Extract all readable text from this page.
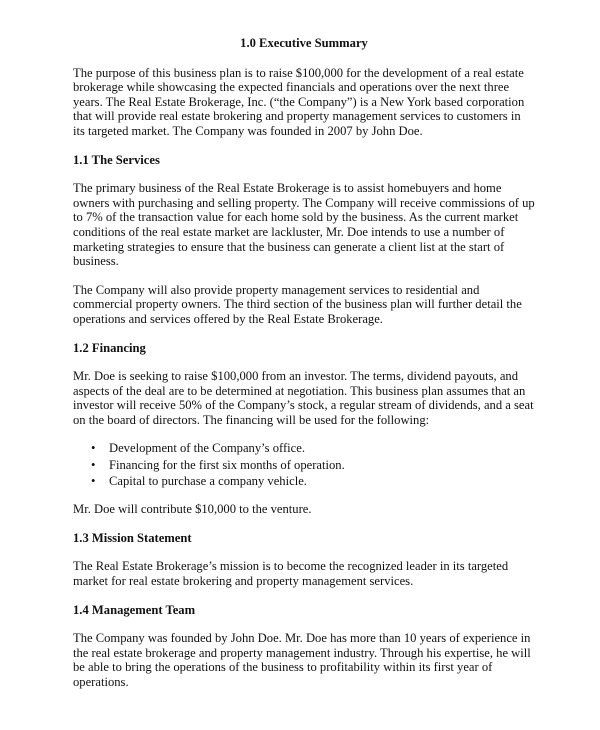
1.0 Executive Summary

The purpose of this business plan is to raise $100,000 for the development of a real estate brokerage while showcasing the expected financials and operations over the next three years. The Real Estate Brokerage, Inc. (“the Company”) is a New York based corporation that will provide real estate brokering and property management services to customers in its targeted market. The Company was founded in 2007 by John Doe.

1.1 The Services

The primary business of the Real Estate Brokerage is to assist homebuyers and home owners with purchasing and selling property. The Company will receive commissions of up to 7% of the transaction value for each home sold by the business. As the current market conditions of the real estate market are lackluster, Mr. Doe intends to use a number of marketing strategies to ensure that the business can generate a client list at the start of business.

The Company will also provide property management services to residential and commercial property owners. The third section of the business plan will further detail the operations and services offered by the Real Estate Brokerage.

1.2 Financing

Mr. Doe is seeking to raise $100,000 from an investor. The terms, dividend payouts, and aspects of the deal are to be determined at negotiation. This business plan assumes that an investor will receive 50% of the Company’s stock, a regular stream of dividends, and a seat on the board of directors. The financing will be used for the following:

• Development of the Company’s office.
• Financing for the first six months of operation.
• Capital to purchase a company vehicle.

Mr. Doe will contribute $10,000 to the venture.

1.3 Mission Statement

The Real Estate Brokerage’s mission is to become the recognized leader in its targeted market for real estate brokering and property management services.

1.4 Management Team

The Company was founded by John Doe. Mr. Doe has more than 10 years of experience in the real estate brokerage and property management industry. Through his expertise, he will be able to bring the operations of the business to profitability within its first year of operations.
